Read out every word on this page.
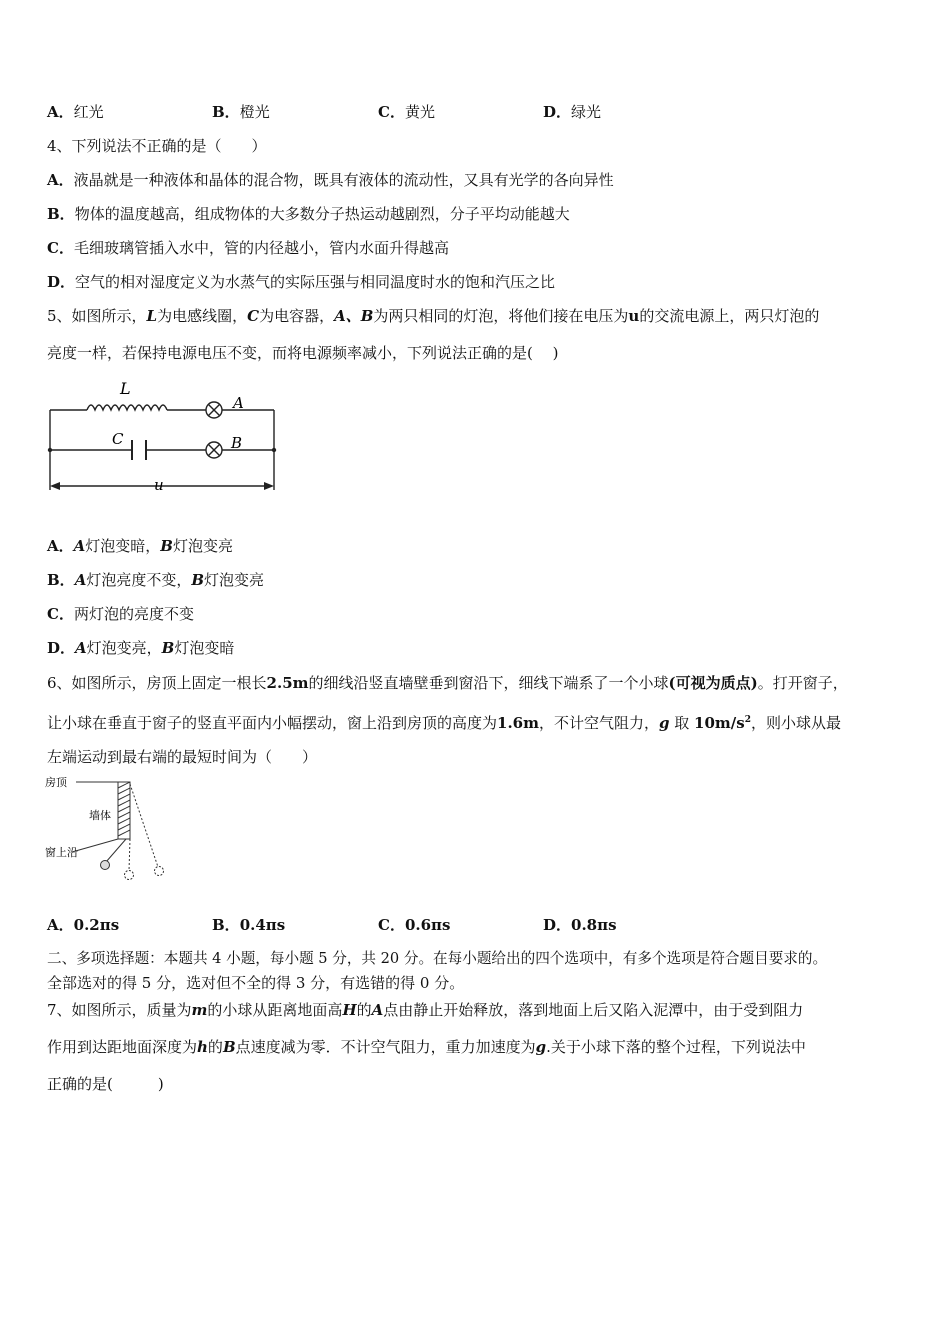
A．红光	B．橙光	C．黄光	D．绿光
4、下列说法不正确的是（　　）
A．液晶就是一种液体和晶体的混合物，既具有液体的流动性，又具有光学的各向异性
B．物体的温度越高，组成物体的大多数分子热运动越剧烈，分子平均动能越大
C．毛细玻璃管插入水中，管的内径越小，管内水面升得越高
D．空气的相对湿度定义为水蒸气的实际压强与相同温度时水的饱和汽压之比
5、如图所示，L为电感线圈，C为电容器，A、B为两只相同的灯泡，将他们接在电压为u的交流电源上，两只灯泡的
亮度一样，若保持电源电压不变，而将电源频率减小，下列说法正确的是(　 )
L
A
C	B
u
A．A灯泡变暗，B灯泡变亮
B．A灯泡亮度不变，B灯泡变亮
C．两灯泡的亮度不变
D．A灯泡变亮，B灯泡变暗
6、如图所示，房顶上固定一根长2.5m的细线沿竖直墙壁垂到窗沿下，细线下端系了一个小球(可视为质点)。打开窗子，
让小球在垂直于窗子的竖直平面内小幅摆动，窗上沿到房顶的高度为1.6m，不计空气阻力，g 取 $10m/s^2$，则小球从最
左端运动到最右端的最短时间为（　　）
房顶
墙体
窗上沿
A．0.2πs	B．0.4πs	C．0.6πs	D．0.8πs
二、多项选择题：本题共 4 小题，每小题 5 分，共 20 分。在每小题给出的四个选项中，有多个选项是符合题目要求的。
全部选对的得 5 分，选对但不全的得 3 分，有选错的得 0 分。
7、如图所示，质量为m的小球从距离地面高H的A点由静止开始释放，落到地面上后又陷入泥潭中，由于受到阻力
作用到达距地面深度为h的B点速度减为零．不计空气阻力，重力加速度为g.关于小球下落的整个过程，下列说法中
正确的是(　　　)
